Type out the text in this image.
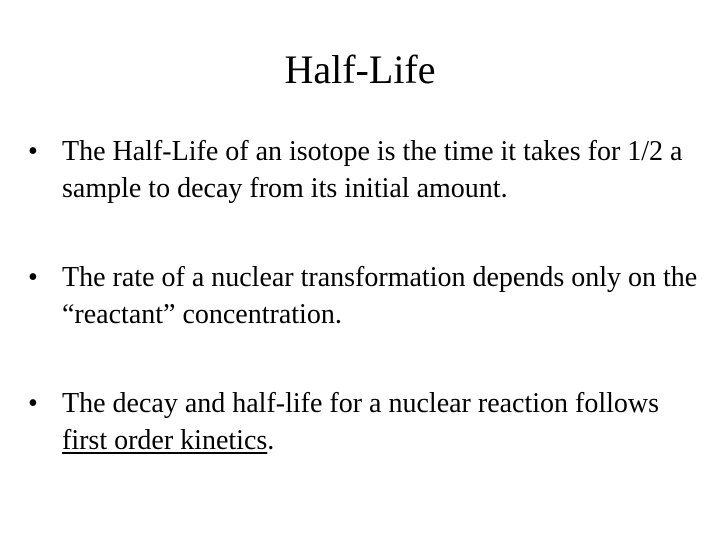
Half-Life
• The Half-Life of an isotope is the time it takes for 1/2 a sample to decay from its initial amount.
• The rate of a nuclear transformation depends only on the “reactant” concentration.
• The decay and half-life for a nuclear reaction follows first order kinetics.
